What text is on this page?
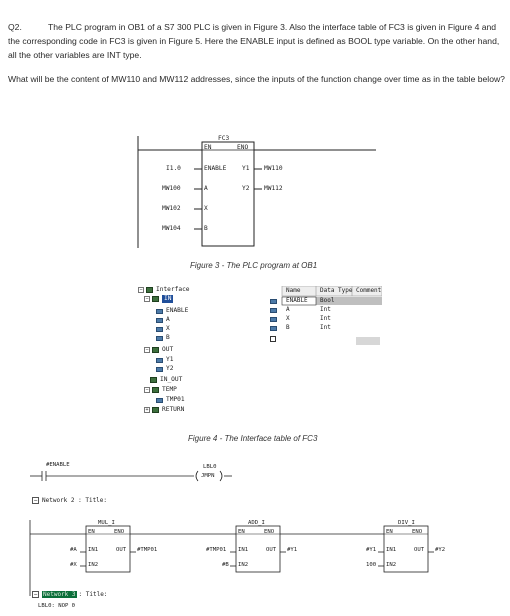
Q2.	The PLC program in OB1 of a S7 300 PLC is given in Figure 3. Also the interface table of FC3 is given in Figure 4 and the corresponding code in FC3 is given in Figure 5. Here the ENABLE input is defined as BOOL type variable. On the other hand, all the other variables are INT type.

What will be the content of MW110 and MW112 addresses, since the inputs of the function change over time as in the table below?

FC3
EN	ENO
I1.0	ENABLE
MW100	A
MW102	X
MW104	B
Y1 MW110
Y2 MW112
Figure 3 - The PLC program at OB1
− Interface
−	IN
ENABLE
A
X
B
− OUT
Y1
Y2
IN_OUT
− TEMP
TMP01
+ RETURN
Name	Data Type Comment
ENABLE	Bool
A	Int
X	Int
B	Int
Figure 4 - The Interface table of FC3
#ENABLE	LBL0
JMPN
− Network 2 : Title:
MUL_I
EN	ENO
IN1
IN2
OUT
#A
#X
#TMP01
ADD_I
EN	ENO
IN1
IN2
OUT
#TMP01
#B
#Y1
DIV_I
EN	ENO
IN1
IN2
OUT
#Y1
100
#Y2
− Network 3 : Title:
LBL0: NOP 0
